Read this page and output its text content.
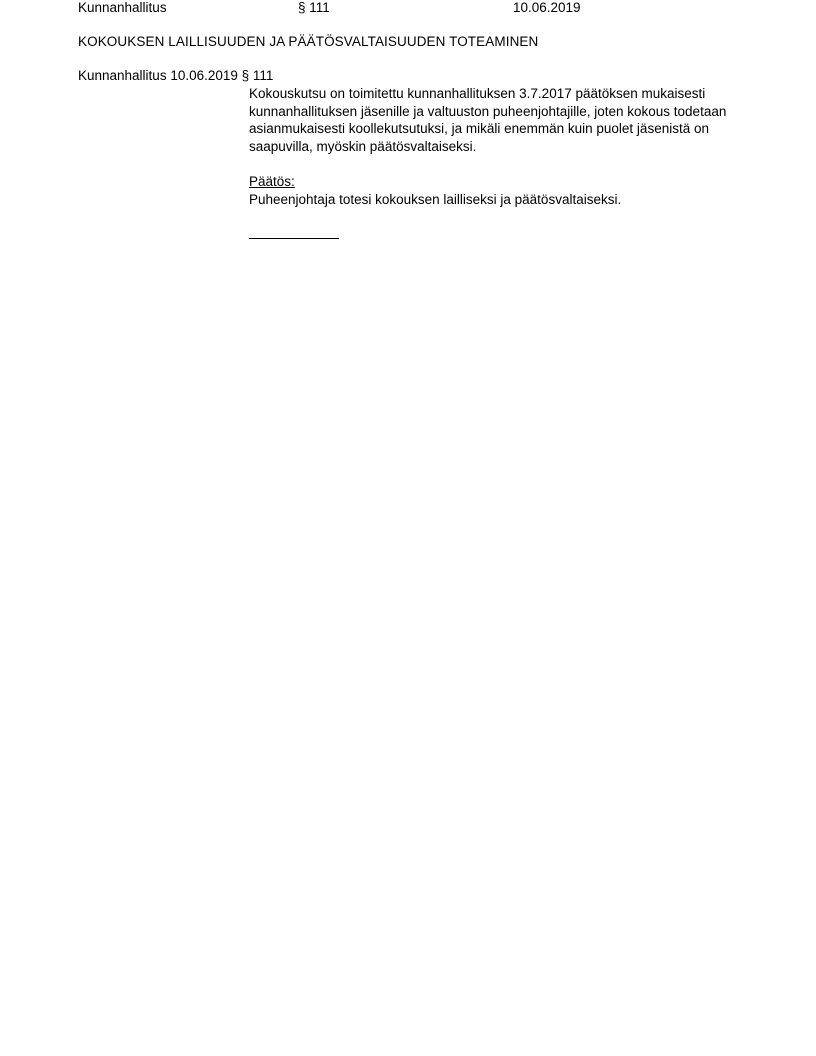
Kunnanhallitus	§ 111	10.06.2019
KOKOUKSEN LAILLISUUDEN JA PÄÄTÖSVALTAISUUDEN TOTEAMINEN
Kunnanhallitus 10.06.2019 § 111

Kokouskutsu on toimitettu kunnanhallituksen 3.7.2017 päätöksen mukaisesti kunnanhallituksen jäsenille ja valtuuston puheenjohtajille, joten kokous todetaan asianmukaisesti koollekutsutuksi, ja mikäli enemmän kuin puolet jäsenistä on saapuvilla, myöskin päätösvaltaiseksi.

Päätös:

Puheenjohtaja totesi kokouksen lailliseksi ja päätösvaltaiseksi.
